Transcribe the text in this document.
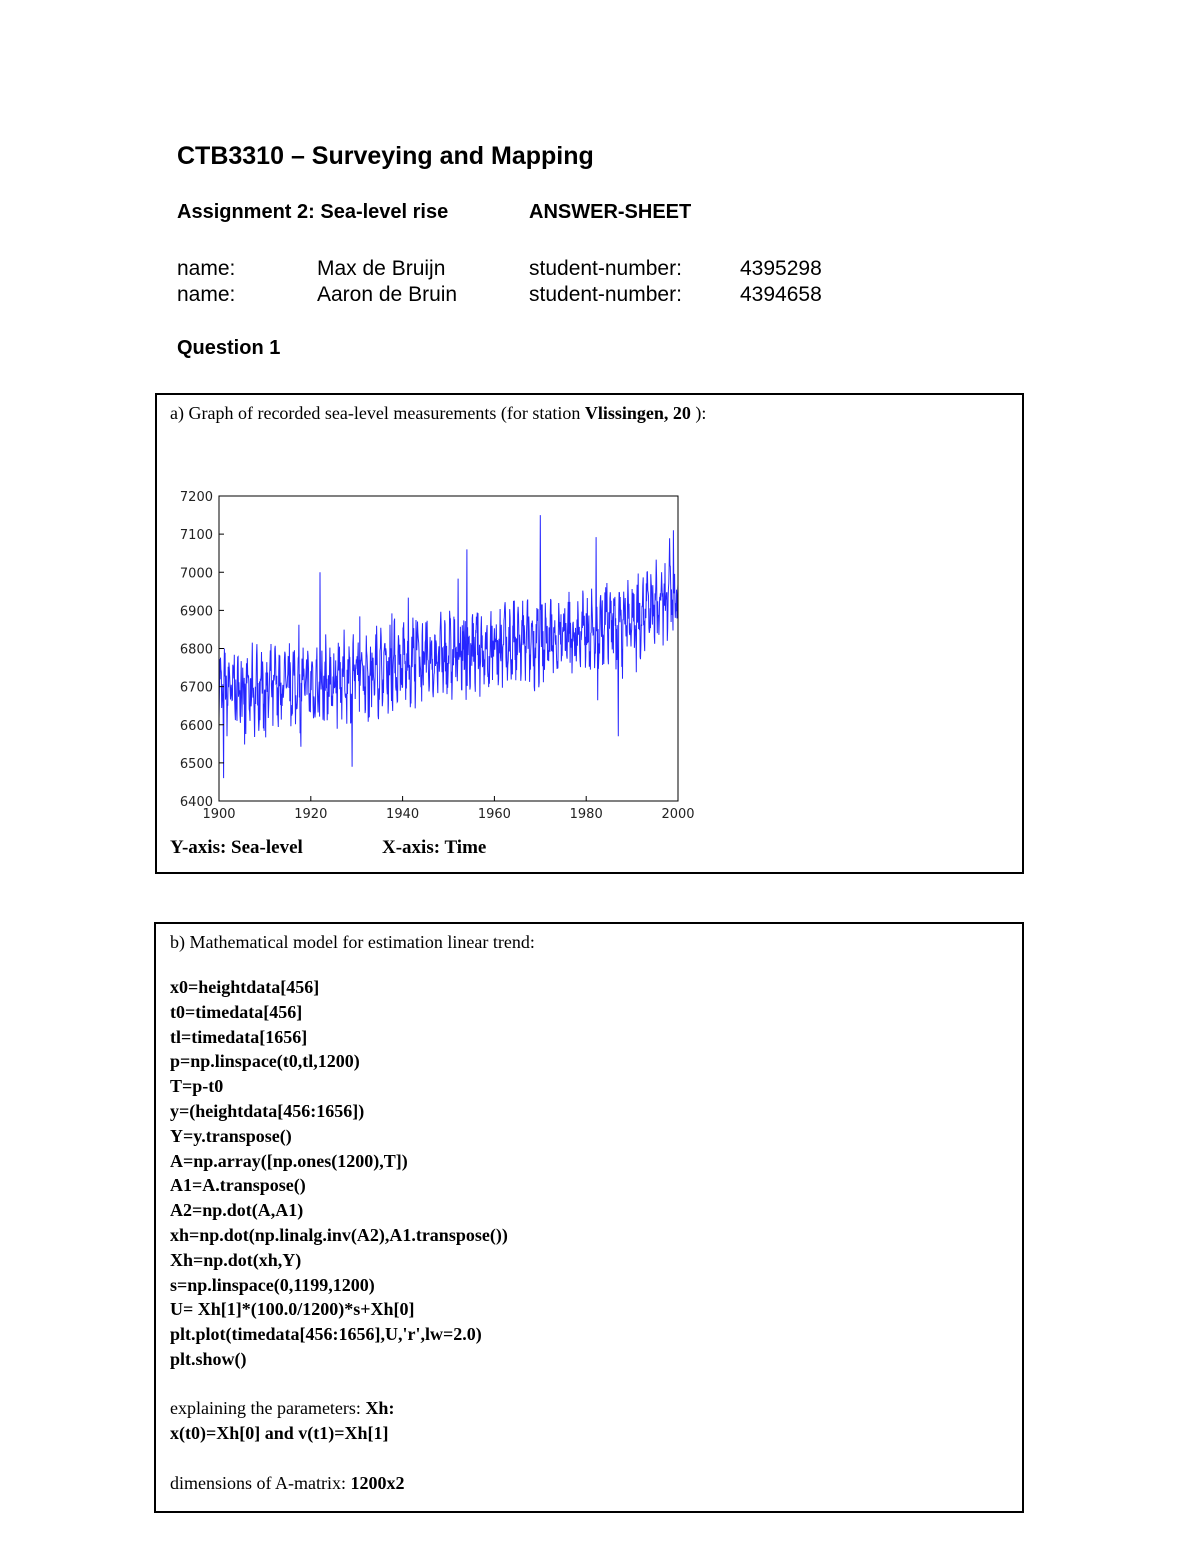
CTB3310 – Surveying and Mapping
Assignment 2: Sea-level rise	ANSWER-SHEET
name:	Max de Bruijn	student-number:	4395298
name:	Aaron de Bruin	student-number:	4394658
Question 1
a) Graph of recorded sea-level measurements (for station Vlissingen, 20 ):
6400
6500
6600
6700
6800
6900
7000
7100
7200
1900	1920	1940	1960	1980	2000
Y-axis: Sea-level	X-axis: Time
b) Mathematical model for estimation linear trend:
x0=heightdata[456]
t0=timedata[456]
tl=timedata[1656]
p=np.linspace(t0,tl,1200)
T=p-t0
y=(heightdata[456:1656])
Y=y.transpose()
A=np.array([np.ones(1200),T])
A1=A.transpose()
A2=np.dot(A,A1)
xh=np.dot(np.linalg.inv(A2),A1.transpose())
Xh=np.dot(xh,Y)
s=np.linspace(0,1199,1200)
U= Xh[1]*(100.0/1200)*s+Xh[0]
plt.plot(timedata[456:1656],U,'r',lw=2.0)
plt.show()
explaining the parameters: Xh:
x(t0)=Xh[0] and v(t1)=Xh[1]
dimensions of A-matrix: 1200x2
